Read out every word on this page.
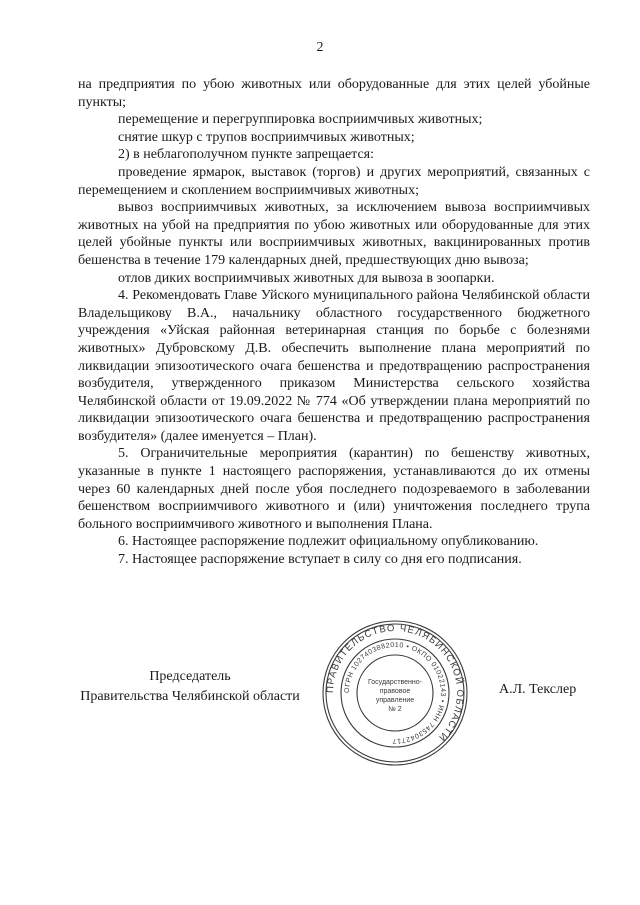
2

на предприятия по убою животных или оборудованные для этих целей убойные пункты;

перемещение и перегруппировка восприимчивых животных;

снятие шкур с трупов восприимчивых животных;

2) в неблагополучном пункте запрещается:

проведение ярмарок, выставок (торгов) и других мероприятий, связанных с перемещением и скоплением восприимчивых животных;

вывоз восприимчивых животных, за исключением вывоза восприимчивых животных на убой на предприятия по убою животных или оборудованные для этих целей убойные пункты или восприимчивых животных, вакцинированных против бешенства в течение 179 календарных дней, предшествующих дню вывоза;

отлов диких восприимчивых животных для вывоза в зоопарки.

4. Рекомендовать Главе Уйского муниципального района Челябинской области Владельщикову В.А., начальнику областного государственного бюджетного учреждения «Уйская районная ветеринарная станция по борьбе с болезнями животных» Дубровскому Д.В. обеспечить выполнение плана мероприятий по ликвидации эпизоотического очага бешенства и предотвращению распространения возбудителя, утвержденного приказом Министерства сельского хозяйства Челябинской области от 19.09.2022 № 774 «Об утверждении плана мероприятий по ликвидации эпизоотического очага бешенства и предотвращению распространения возбудителя» (далее именуется – План).

5. Ограничительные мероприятия (карантин) по бешенству животных, указанные в пункте 1 настоящего распоряжения, устанавливаются до их отмены через 60 календарных дней после убоя последнего подозреваемого в заболевании бешенством восприимчивого животного и (или) уничтожения последнего трупа больного восприимчивого животного и выполнения Плана.

6. Настоящее распоряжение подлежит официальному опубликованию.

7. Настоящее распоряжение вступает в силу со дня его подписания.

Председатель
Правительства Челябинской области
ПРАВИТЕЛЬСТВО ЧЕЛЯБИНСКОЙ ОБЛАСТИ
ОГРН 1027403882010 • ОКПО 01022143 • ИНН 7453042717
Государственно-
правовое
управление
№ 2
А.Л. Текслер
